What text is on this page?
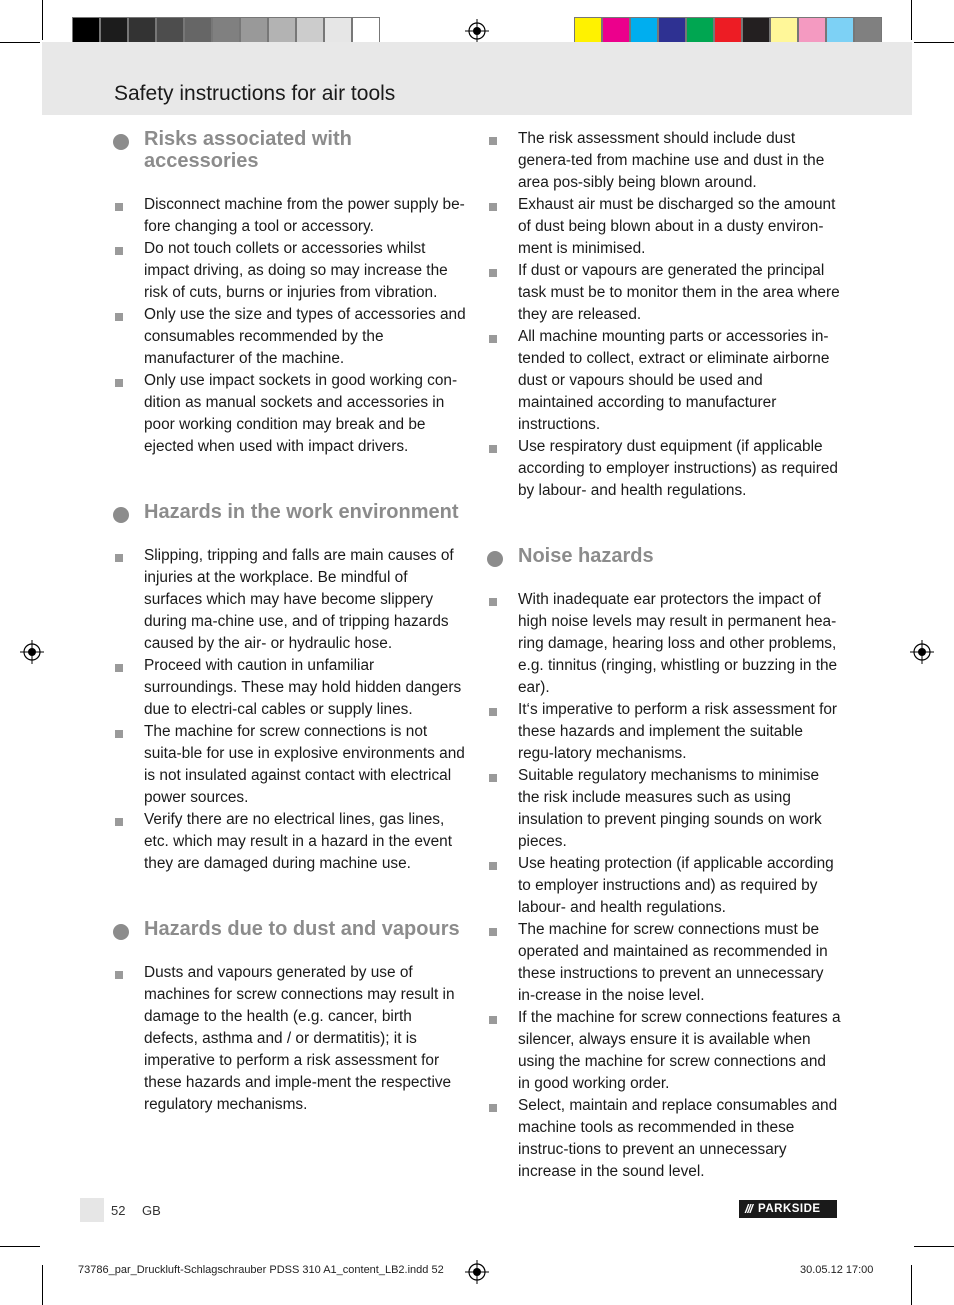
Safety instructions for air tools
Risks associated with accessories
Disconnect machine from the power supply be-fore changing a tool or accessory.
Do not touch collets or accessories whilst impact driving, as doing so may increase the risk of cuts, burns or injuries from vibration.
Only use the size and types of accessories and consumables recommended by the manufacturer of the machine.
Only use impact sockets in good working con-dition as manual sockets and accessories in poor working condition may break and be ejected when used with impact drivers.
Hazards in the work environment
Slipping, tripping and falls are main causes of injuries at the workplace. Be mindful of surfaces which may have become slippery during ma-chine use, and of tripping hazards caused by the air- or hydraulic hose.
Proceed with caution in unfamiliar surroundings. These may hold hidden dangers due to electri-cal cables or supply lines.
The machine for screw connections is not suita-ble for use in explosive environments and is not insulated against contact with electrical power sources.
Verify there are no electrical lines, gas lines, etc. which may result in a hazard in the event they are damaged during machine use.
Hazards due to dust and vapours
Dusts and vapours generated by use of machines for screw connections may result in damage to the health (e.g. cancer, birth defects, asthma and / or dermatitis); it is imperative to perform a risk assessment for these hazards and imple-ment the respective regulatory mechanisms.
The risk assessment should include dust genera-ted from machine use and dust in the area pos-sibly being blown around.
Exhaust air must be discharged so the amount of dust being blown about in a dusty environ-ment is minimised.
If dust or vapours are generated the principal task must be to monitor them in the area where they are released.
All machine mounting parts or accessories in-tended to collect, extract or eliminate airborne dust or vapours should be used and maintained according to manufacturer instructions.
Use respiratory dust equipment (if applicable according to employer instructions) as required by labour- and health regulations.
Noise hazards
With inadequate ear protectors the impact of high noise levels may result in permanent hea-ring damage, hearing loss and other problems, e.g. tinnitus (ringing, whistling or buzzing in the ear).
It‘s imperative to perform a risk assessment for these hazards and implement the suitable regu-latory mechanisms.
Suitable regulatory mechanisms to minimise the risk include measures such as using insulation to prevent pinging sounds on work pieces.
Use heating protection (if applicable according to employer instructions and) as required by labour- and health regulations.
The machine for screw connections must be operated and maintained as recommended in these instructions to prevent an unnecessary in-crease in the noise level.
If the machine for screw connections features a silencer, always ensure it is available when using the machine for screw connections and in good working order.
Select, maintain and replace consumables and machine tools as recommended in these instruc-tions to prevent an unnecessary increase in the sound level.
52 GB	/// PARKSIDE
73786_par_Druckluft-Schlagschrauber PDSS 310 A1_content_LB2.indd 52	30.05.12 17:00
